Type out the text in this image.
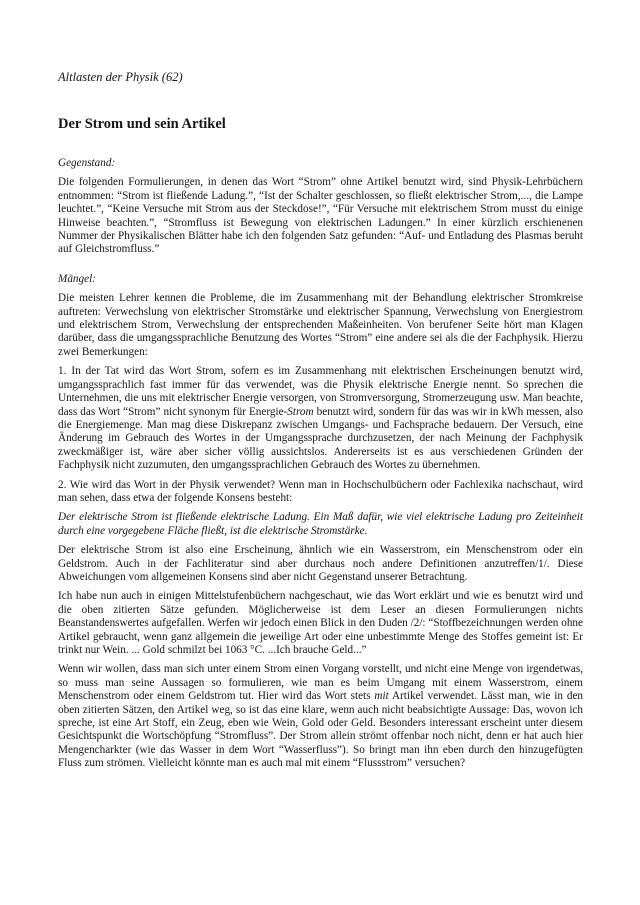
Altlasten der Physik (62)
Der Strom und sein Artikel
Gegenstand:

Die folgenden Formulierungen, in denen das Wort “Strom” ohne Artikel benutzt wird, sind Physik-Lehrbüchern entnommen: “Strom ist fließende Ladung.”, “Ist der Schalter geschlossen, so fließt elektrischer Strom,..., die Lampe leuchtet.”, “Keine Versuche mit Strom aus der Steckdose!”, “Für Versuche mit elektrischem Strom musst du einige Hinweise beachten.”, “Stromfluss ist Bewegung von elektrischen Ladungen.” In einer kürzlich erschienenen Nummer der Physikalischen Blätter habe ich den folgenden Satz gefunden: “Auf- und Entladung des Plasmas beruht auf Gleichstromfluss.”

Mängel:

Die meisten Lehrer kennen die Probleme, die im Zusammenhang mit der Behandlung elektrischer Stromkreise auftreten: Verwechslung von elektrischer Stromstärke und elektrischer Spannung, Verwechslung von Energiestrom und elektrischem Strom, Verwechslung der entsprechenden Maßeinheiten. Von berufener Seite hört man Klagen darüber, dass die umgangssprachliche Benutzung des Wortes “Strom” eine andere sei als die der Fachphysik. Hierzu zwei Bemerkungen:

1. In der Tat wird das Wort Strom, sofern es im Zusammenhang mit elektrischen Erscheinungen benutzt wird, umgangssprachlich fast immer für das verwendet, was die Physik elektrische Energie nennt. So sprechen die Unternehmen, die uns mit elektrischer Energie versorgen, von Stromversorgung, Stromerzeugung usw. Man beachte, dass das Wort “Strom” nicht synonym für Energie-Strom benutzt wird, sondern für das was wir in kWh messen, also die Energiemenge. Man mag diese Diskrepanz zwischen Umgangs- und Fachsprache bedauern. Der Versuch, eine Änderung im Gebrauch des Wortes in der Umgangssprache durchzusetzen, der nach Meinung der Fachphysik zweckmäßiger ist, wäre aber sicher völlig aussichtslos. Andererseits ist es aus verschiedenen Gründen der Fachphysik nicht zuzumuten, den umgangssprachlichen Gebrauch des Wortes zu übernehmen.

2. Wie wird das Wort in der Physik verwendet? Wenn man in Hochschulbüchern oder Fachlexika nachschaut, wird man sehen, dass etwa der folgende Konsens besteht:

Der elektrische Strom ist fließende elektrische Ladung. Ein Maß dafür, wie viel elektrische Ladung pro Zeiteinheit durch eine vorgegebene Fläche fließt, ist die elektrische Stromstärke.

Der elektrische Strom ist also eine Erscheinung, ähnlich wie ein Wasserstrom, ein Menschenstrom oder ein Geldstrom. Auch in der Fachliteratur sind aber durchaus noch andere Definitionen anzutreffen/1/. Diese Abweichungen vom allgemeinen Konsens sind aber nicht Gegenstand unserer Betrachtung.

Ich habe nun auch in einigen Mittelstufenbüchern nachgeschaut, wie das Wort erklärt und wie es benutzt wird und die oben zitierten Sätze gefunden. Möglicherweise ist dem Leser an diesen Formulierungen nichts Beanstandenswertes aufgefallen. Werfen wir jedoch einen Blick in den Duden /2/: “Stoffbezeichnungen werden ohne Artikel gebraucht, wenn ganz allgemein die jeweilige Art oder eine unbestimmte Menge des Stoffes gemeint ist: Er trinkt nur Wein. ... Gold schmilzt bei 1063 °C. ...Ich brauche Geld...”

Wenn wir wollen, dass man sich unter einem Strom einen Vorgang vorstellt, und nicht eine Menge von irgendetwas, so muss man seine Aussagen so formulieren, wie man es beim Umgang mit einem Wasserstrom, einem Menschenstrom oder einem Geldstrom tut. Hier wird das Wort stets mit Artikel verwendet. Lässt man, wie in den oben zitierten Sätzen, den Artikel weg, so ist das eine klare, wenn auch nicht beabsichtigte Aussage: Das, wovon ich spreche, ist eine Art Stoff, ein Zeug, eben wie Wein, Gold oder Geld. Besonders interessant erscheint unter diesem Gesichtspunkt die Wortschöpfung “Stromfluss”. Der Strom allein strömt offenbar noch nicht, denn er hat auch hier Mengencharkter (wie das Wasser in dem Wort “Wasserfluss”). So bringt man ihn eben durch den hinzugefügten Fluss zum strömen. Vielleicht könnte man es auch mal mit einem “Flussstrom” versuchen?
